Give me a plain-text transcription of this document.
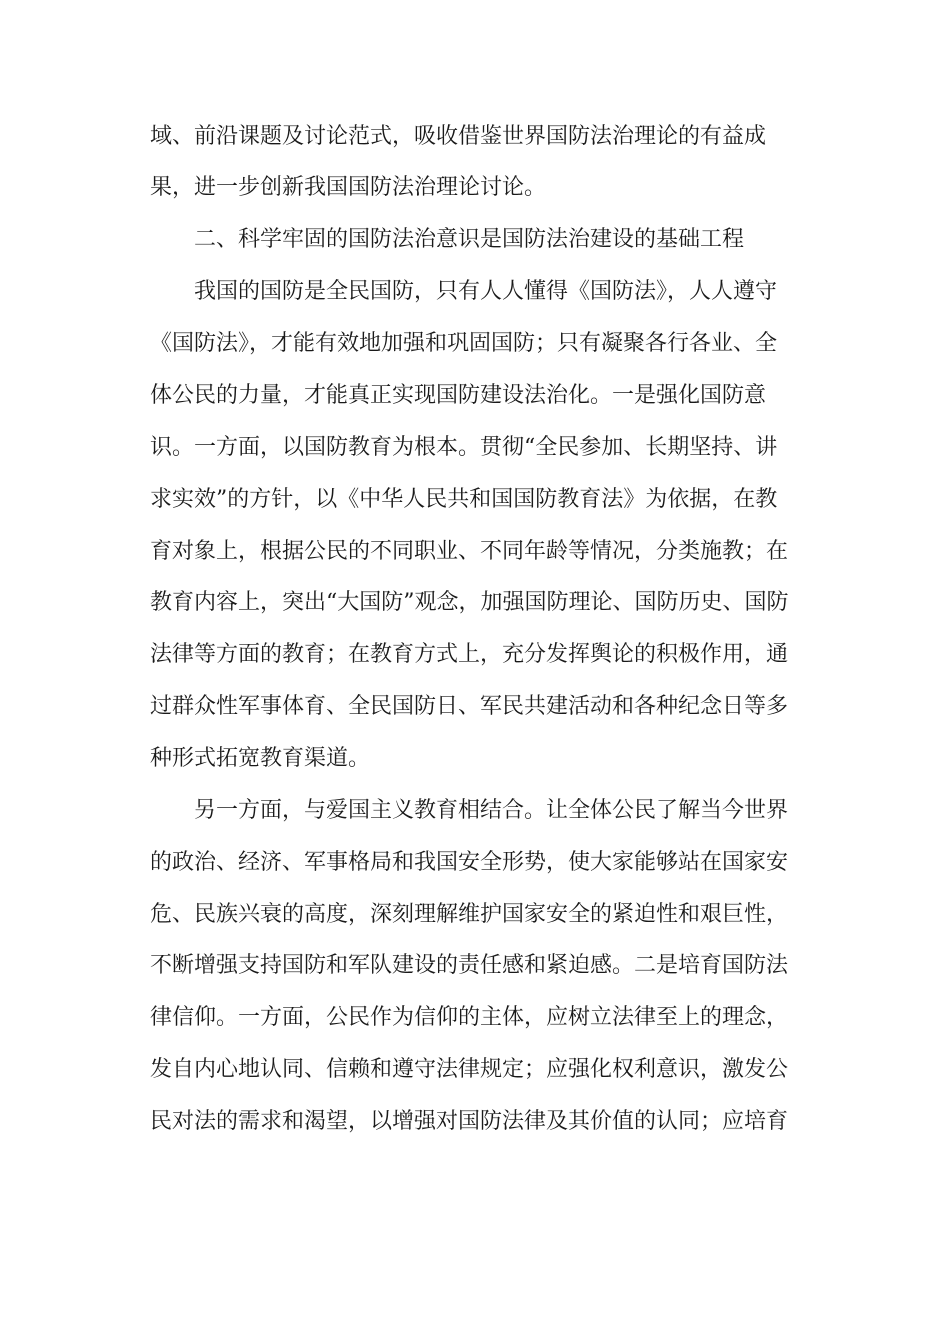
域、前沿课题及讨论范式，吸收借鉴世界国防法治理论的有益成
果，进一步创新我国国防法治理论讨论。
二、科学牢固的国防法治意识是国防法治建设的基础工程
我国的国防是全民国防，只有人人懂得《国防法》，人人遵守
《国防法》，才能有效地加强和巩固国防；只有凝聚各行各业、全
体公民的力量，才能真正实现国防建设法治化。一是强化国防意
识。一方面，以国防教育为根本。贯彻“全民参加、长期坚持、讲
求实效”的方针，以《中华人民共和国国防教育法》为依据，在教
育对象上，根据公民的不同职业、不同年龄等情况，分类施教；在
教育内容上，突出“大国防”观念，加强国防理论、国防历史、国防
法律等方面的教育；在教育方式上，充分发挥舆论的积极作用，通
过群众性军事体育、全民国防日、军民共建活动和各种纪念日等多
种形式拓宽教育渠道。
另一方面，与爱国主义教育相结合。让全体公民了解当今世界
的政治、经济、军事格局和我国安全形势，使大家能够站在国家安
危、民族兴衰的高度，深刻理解维护国家安全的紧迫性和艰巨性，
不断增强支持国防和军队建设的责任感和紧迫感。二是培育国防法
律信仰。一方面，公民作为信仰的主体，应树立法律至上的理念，
发自内心地认同、信赖和遵守法律规定；应强化权利意识，激发公
民对法的需求和渴望，以增强对国防法律及其价值的认同；应培育
